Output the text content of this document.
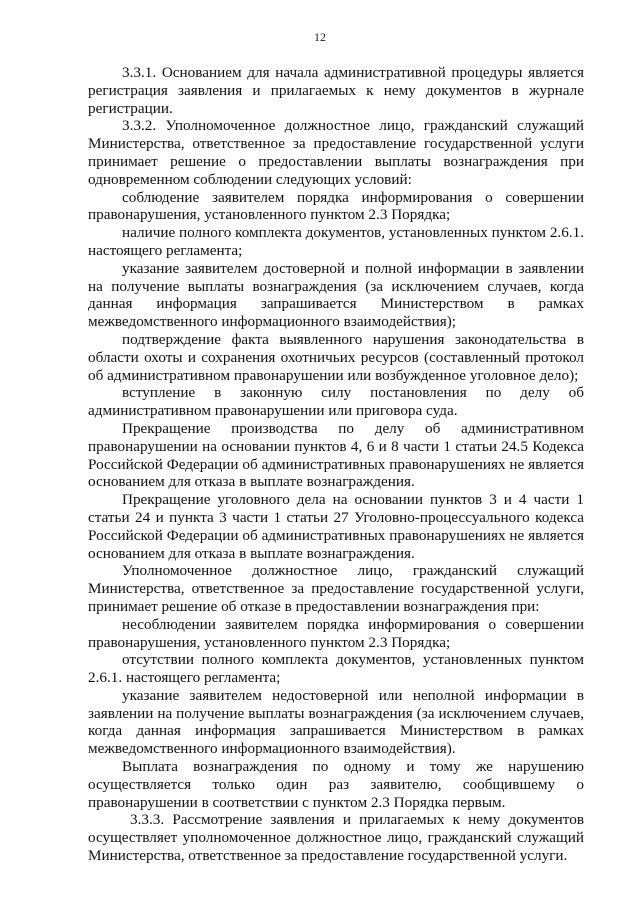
12

3.3.1. Основанием для начала административной процедуры является регистрация заявления и прилагаемых к нему документов в журнале регистрации.

3.3.2. Уполномоченное должностное лицо, гражданский служащий Министерства, ответственное за предоставление государственной услуги принимает решение о предоставлении выплаты вознаграждения при одновременном соблюдении следующих условий:

соблюдение заявителем порядка информирования о совершении правонарушения, установленного пунктом 2.3 Порядка;

наличие полного комплекта документов, установленных пунктом 2.6.1. настоящего регламента;

указание заявителем достоверной и полной информации в заявлении на получение выплаты вознаграждения (за исключением случаев, когда данная информация запрашивается Министерством в рамках межведомственного информационного взаимодействия);

подтверждение факта выявленного нарушения законодательства в области охоты и сохранения охотничьих ресурсов (составленный протокол об административном правонарушении или возбужденное уголовное дело);

вступление в законную силу постановления по делу об административном правонарушении или приговора суда.

Прекращение производства по делу об административном правонарушении на основании пунктов 4, 6 и 8 части 1 статьи 24.5 Кодекса Российской Федерации об административных правонарушениях не является основанием для отказа в выплате вознаграждения.

Прекращение уголовного дела на основании пунктов 3 и 4 части 1 статьи 24 и пункта 3 части 1 статьи 27 Уголовно-процессуального кодекса Российской Федерации об административных правонарушениях не является основанием для отказа в выплате вознаграждения.

Уполномоченное должностное лицо, гражданский служащий Министерства, ответственное за предоставление государственной услуги, принимает решение об отказе в предоставлении вознаграждения при:

несоблюдении заявителем порядка информирования о совершении правонарушения, установленного пунктом 2.3 Порядка;

отсутствии полного комплекта документов, установленных пунктом 2.6.1. настоящего регламента;

указание заявителем недостоверной или неполной информации в заявлении на получение выплаты вознаграждения (за исключением случаев, когда данная информация запрашивается Министерством в рамках межведомственного информационного взаимодействия).

Выплата вознаграждения по одному и тому же нарушению осуществляется только один раз заявителю, сообщившему о правонарушении в соответствии с пунктом 2.3 Порядка первым.

3.3.3. Рассмотрение заявления и прилагаемых к нему документов осуществляет уполномоченное должностное лицо, гражданский служащий Министерства, ответственное за предоставление государственной услуги.
